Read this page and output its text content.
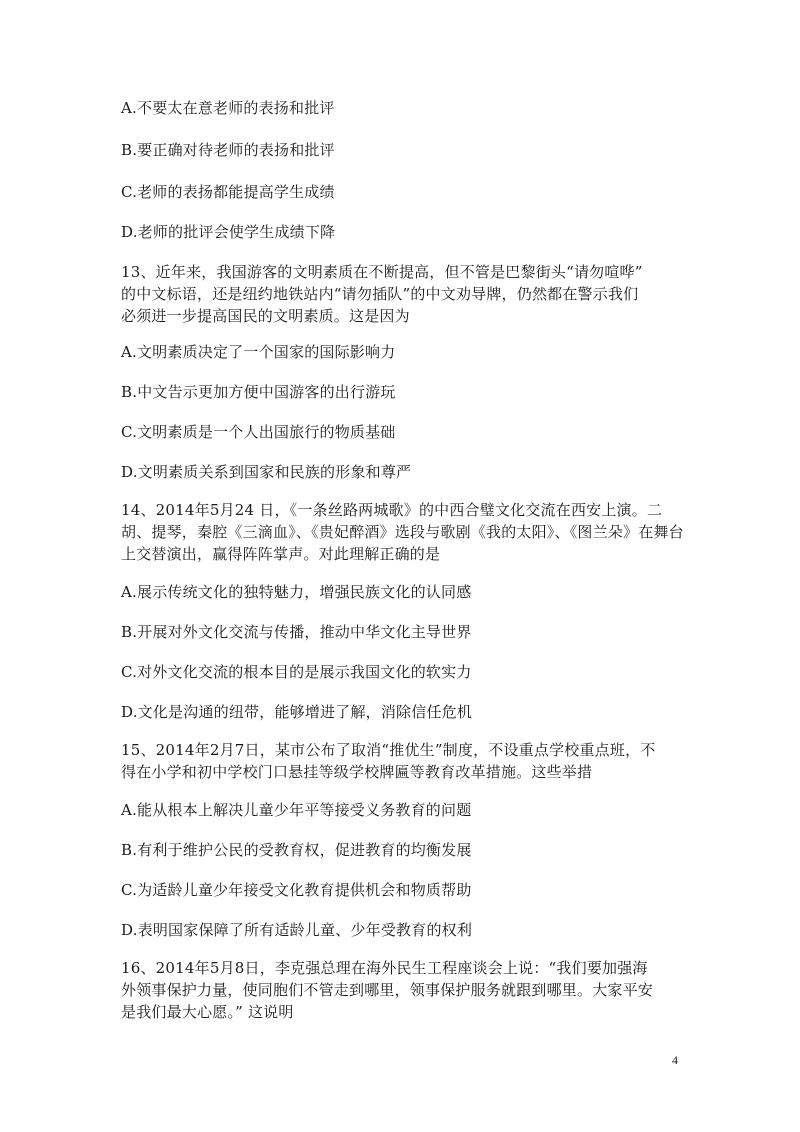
A.不要太在意老师的表扬和批评
B.要正确对待老师的表扬和批评
C.老师的表扬都能提高学生成绩
D.老师的批评会使学生成绩下降
13、近年来，我国游客的文明素质在不断提高，但不管是巴黎街头“请勿喧哗”
的中文标语，还是纽约地铁站内“请勿插队”的中文劝导牌，仍然都在警示我们
必须进一步提高国民的文明素质。这是因为
A.文明素质决定了一个国家的国际影响力
B.中文告示更加方便中国游客的出行游玩
C.文明素质是一个人出国旅行的物质基础
D.文明素质关系到国家和民族的形象和尊严
14、2014年5月24 日，《一条丝路两城歌》的中西合璧文化交流在西安上演。二
胡、提琴，秦腔《三滴血》、《贵妃醉酒》选段与歌剧《我的太阳》、《图兰朵》在舞台
上交替演出，赢得阵阵掌声。对此理解正确的是
A.展示传统文化的独特魅力，增强民族文化的认同感
B.开展对外文化交流与传播，推动中华文化主导世界
C.对外文化交流的根本目的是展示我国文化的软实力
D.文化是沟通的纽带，能够增进了解，消除信任危机
15、2014年2月7日，某市公布了取消“推优生”制度，不设重点学校重点班，不
得在小学和初中学校门口悬挂等级学校牌匾等教育改革措施。这些举措
A.能从根本上解决儿童少年平等接受义务教育的问题
B.有利于维护公民的受教育权，促进教育的均衡发展
C.为适龄儿童少年接受文化教育提供机会和物质帮助
D.表明国家保障了所有适龄儿童、少年受教育的权利
16、2014年5月8日，李克强总理在海外民生工程座谈会上说：“我们要加强海
外领事保护力量，使同胞们不管走到哪里，领事保护服务就跟到哪里。大家平安
是我们最大心愿。” 这说明
4
